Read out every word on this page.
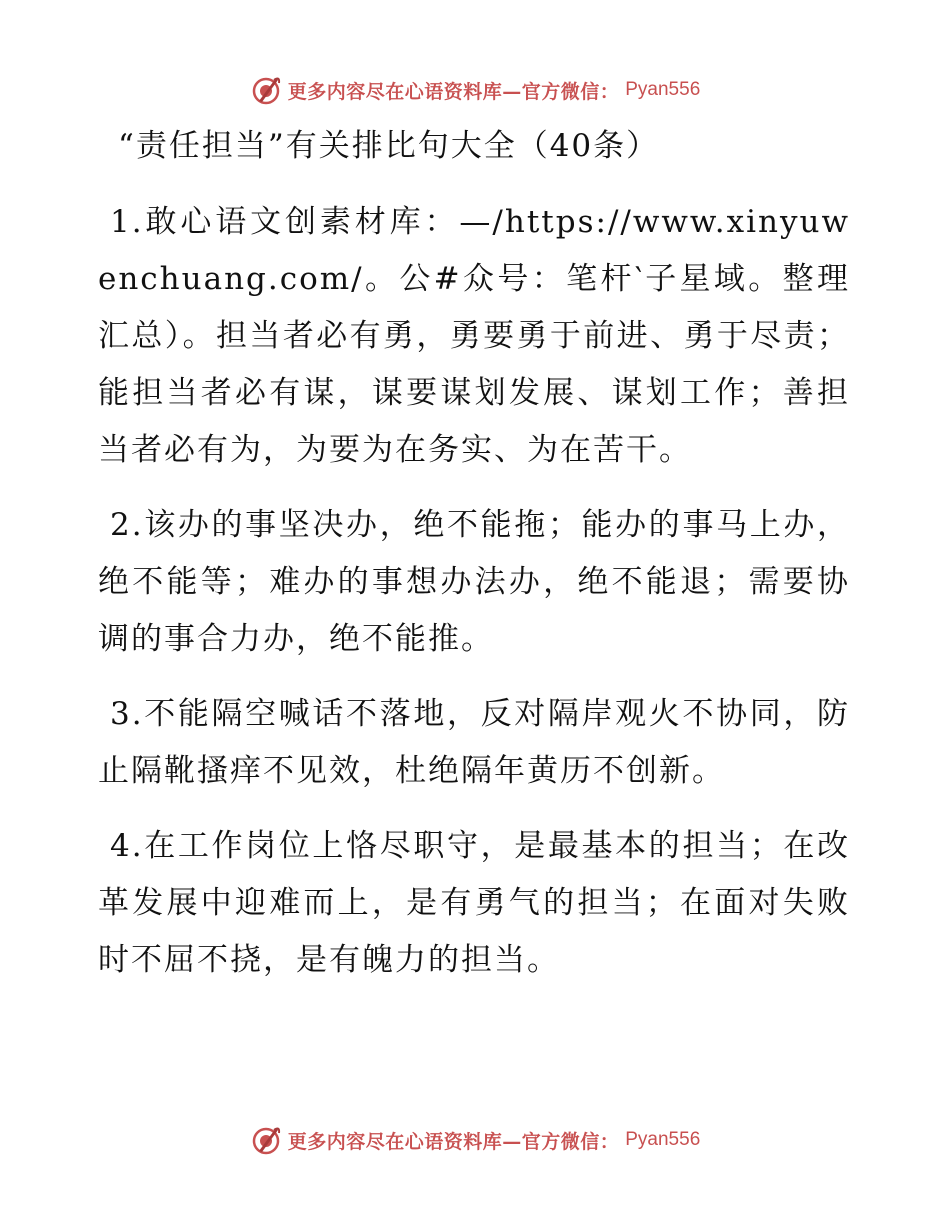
更多内容尽在心语资料库—官方微信： Pyan556
“责任担当”有关排比句大全（40条）

1.敢心语文创素材库：—/https://www.xinyuwenchuang.com/。公#众号：笔杆‵子星域。整理汇总）。担当者必有勇，勇要勇于前进、勇于尽责；能担当者必有谋，谋要谋划发展、谋划工作；善担当者必有为，为要为在务实、为在苦干。

2.该办的事坚决办，绝不能拖；能办的事马上办，绝不能等；难办的事想办法办，绝不能退；需要协调的事合力办，绝不能推。

3.不能隔空喊话不落地，反对隔岸观火不协同，防止隔靴搔痒不见效，杜绝隔年黄历不创新。

4.在工作岗位上恪尽职守，是最基本的担当；在改革发展中迎难而上，是有勇气的担当；在面对失败时不屈不挠，是有魄力的担当。

更多内容尽在心语资料库—官方微信： Pyan556
